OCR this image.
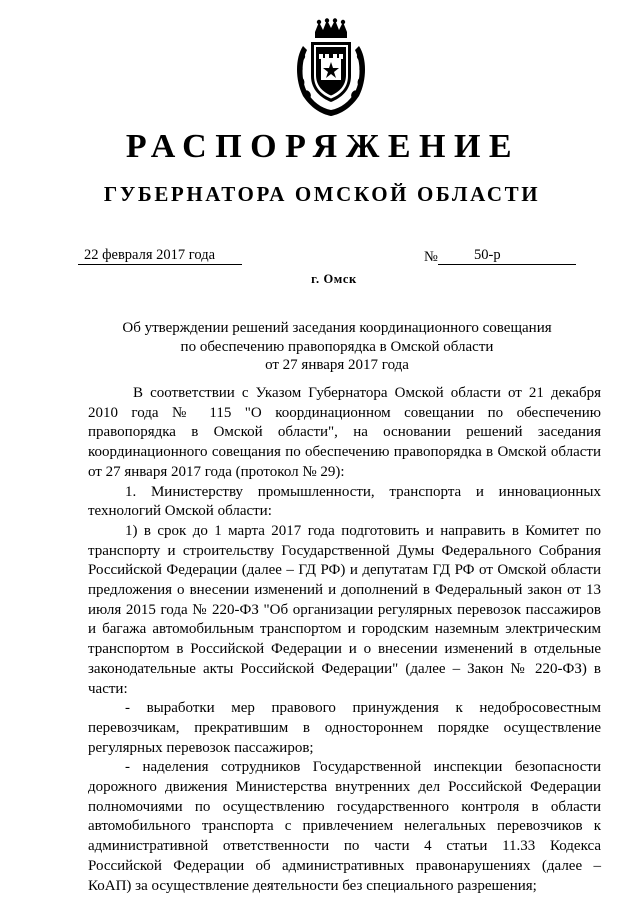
РАСПОРЯЖЕНИЕ
ГУБЕРНАТОРА ОМСКОЙ ОБЛАСТИ
22 февраля 2017 года	№	50-р
г. Омск
Об утверждении решений заседания координационного совещания
по обеспечению правопорядка в Омской области
от 27 января 2017 года

В соответствии с Указом Губернатора Омской области от 21 декабря 2010 года № 115 "О координационном совещании по обеспечению правопорядка в Омской области", на основании решений заседания координационного совещания по обеспечению правопорядка в Омской области от 27 января 2017 года (протокол № 29):

1. Министерству промышленности, транспорта и инновационных технологий Омской области:

1) в срок до 1 марта 2017 года подготовить и направить в Комитет по транспорту и строительству Государственной Думы Федерального Собрания Российской Федерации (далее – ГД РФ) и депутатам ГД РФ от Омской области предложения о внесении изменений и дополнений в Федеральный закон от 13 июля 2015 года № 220-ФЗ "Об организации регулярных перевозок пассажиров и багажа автомобильным транспортом и городским наземным электрическим транспортом в Российской Федерации и о внесении изменений в отдельные законодательные акты Российской Федерации" (далее – Закон № 220-ФЗ) в части:

- выработки мер правового принуждения к недобросовестным перевозчикам, прекратившим в одностороннем порядке осуществление регулярных перевозок пассажиров;

- наделения сотрудников Государственной инспекции безопасности дорожного движения Министерства внутренних дел Российской Федерации полномочиями по осуществлению государственного контроля в области автомобильного транспорта с привлечением нелегальных перевозчиков к административной ответственности по части 4 статьи 11.33 Кодекса Российской Федерации об административных правонарушениях (далее – КоАП) за осуществление деятельности без специального разрешения;
